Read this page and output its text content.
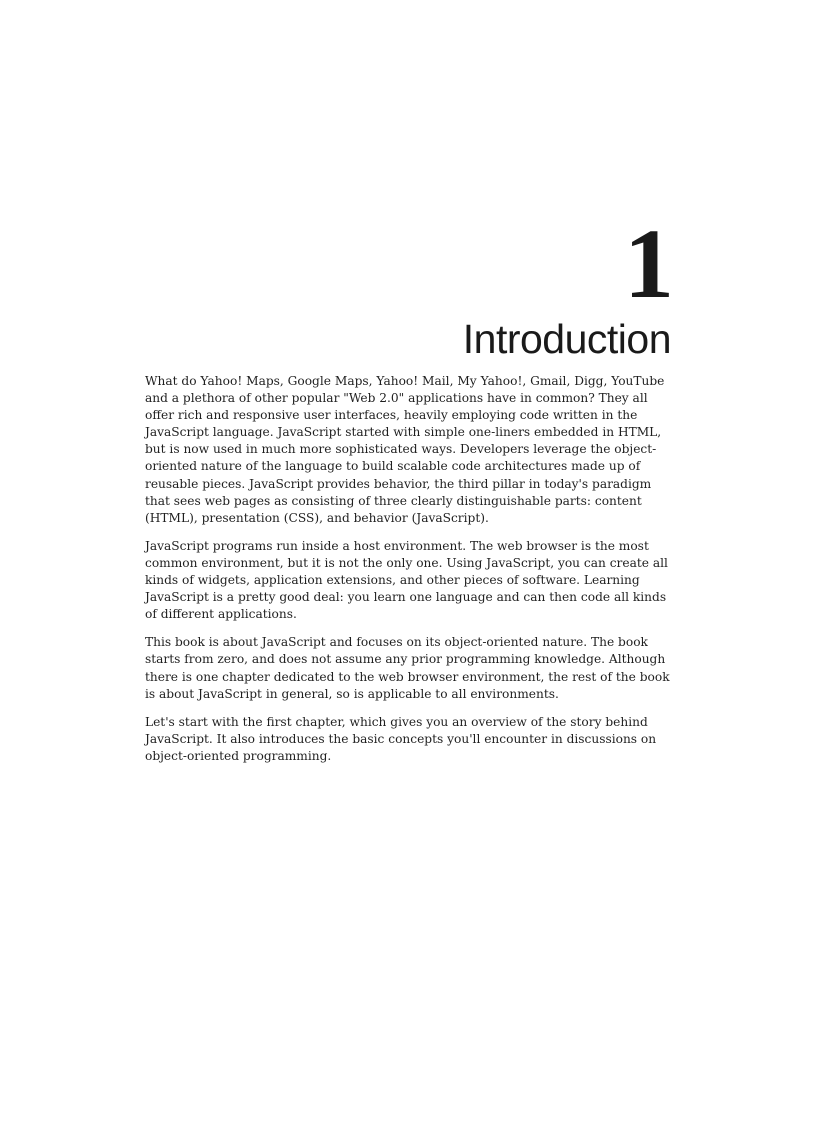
1
Introduction

What do Yahoo! Maps, Google Maps, Yahoo! Mail, My Yahoo!, Gmail, Digg, YouTube and a plethora of other popular "Web 2.0" applications have in common? They all offer rich and responsive user interfaces, heavily employing code written in the JavaScript language. JavaScript started with simple one-liners embedded in HTML, but is now used in much more sophisticated ways. Developers leverage the object-oriented nature of the language to build scalable code architectures made up of reusable pieces. JavaScript provides behavior, the third pillar in today's paradigm that sees web pages as consisting of three clearly distinguishable parts: content (HTML), presentation (CSS), and behavior (JavaScript).

JavaScript programs run inside a host environment. The web browser is the most common environment, but it is not the only one. Using JavaScript, you can create all kinds of widgets, application extensions, and other pieces of software. Learning JavaScript is a pretty good deal: you learn one language and can then code all kinds of different applications.

This book is about JavaScript and focuses on its object-oriented nature. The book starts from zero, and does not assume any prior programming knowledge. Although there is one chapter dedicated to the web browser environment, the rest of the book is about JavaScript in general, so is applicable to all environments.

Let's start with the first chapter, which gives you an overview of the story behind JavaScript. It also introduces the basic concepts you'll encounter in discussions on object-oriented programming.
